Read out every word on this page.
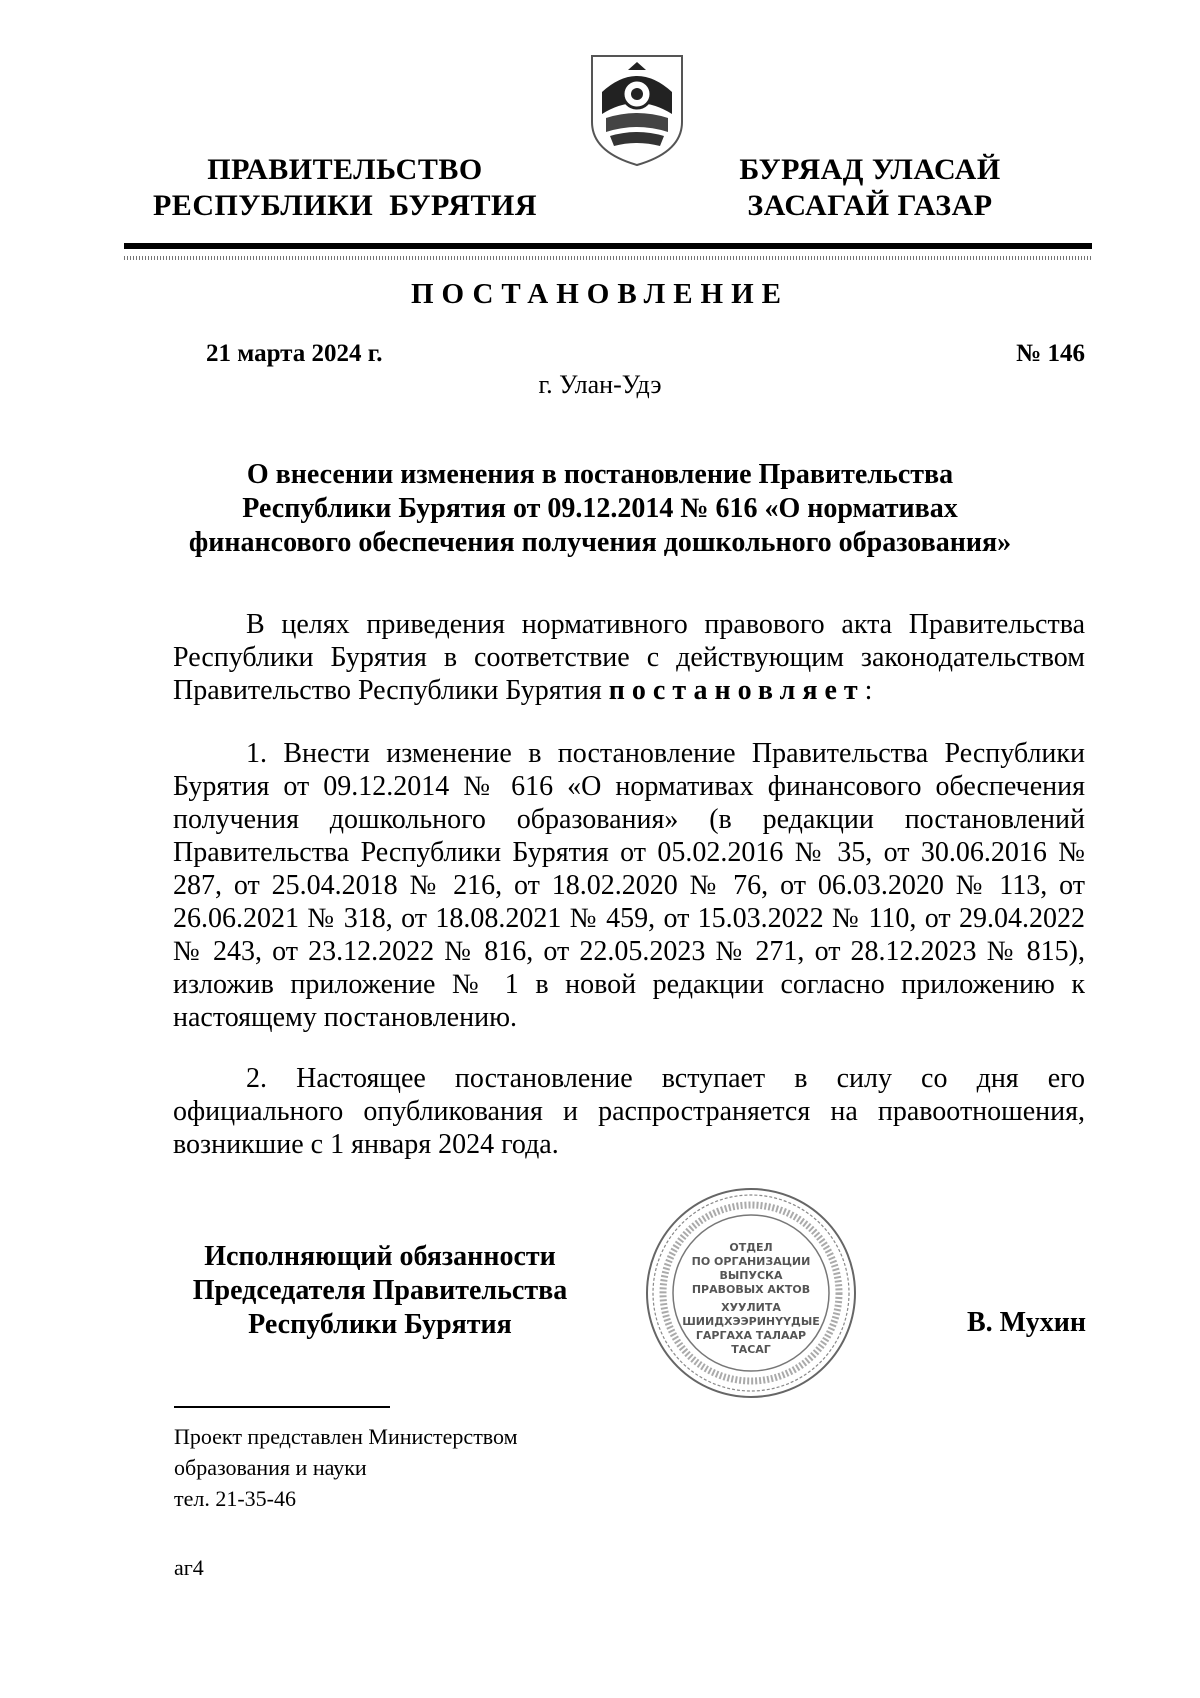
ПРАВИТЕЛЬСТВО
РЕСПУБЛИКИ  БУРЯТИЯ
БУРЯАД УЛАСАЙ
ЗАСАГАЙ ГАЗАР
ПОСТАНОВЛЕНИЕ
21 марта 2024 г.	№ 146
г. Улан-Удэ
О внесении изменения в постановление Правительства Республики Бурятия от 09.12.2014 № 616 «О нормативах финансового обеспечения получения дошкольного образования»
В целях приведения нормативного правового акта Правительства Республики Бурятия в соответствие с действующим законодательством Правительство Республики Бурятия постановляет:
1. Внести изменение в постановление Правительства Республики Бурятия от 09.12.2014 № 616 «О нормативах финансового обеспечения получения дошкольного образования» (в редакции постановлений Правительства Республики Бурятия от 05.02.2016 № 35, от 30.06.2016 № 287, от 25.04.2018 № 216, от 18.02.2020 № 76, от 06.03.2020 № 113, от 26.06.2021 № 318, от 18.08.2021 № 459, от 15.03.2022 № 110, от 29.04.2022 № 243, от 23.12.2022 № 816, от 22.05.2023 № 271, от 28.12.2023 № 815), изложив приложение № 1 в новой редакции согласно приложению к настоящему постановлению.
2. Настоящее постановление вступает в силу со дня его официального опубликования и распространяется на правоотношения, возникшие с 1 января 2024 года.
Исполняющий обязанности
Председателя Правительства
Республики Бурятия	В. Мухин
ОТДЕЛ
ПО ОРГАНИЗАЦИИ
ВЫПУСКА
ПРАВОВЫХ АКТОВ
ХУУЛИТА
ШИИДХЭЭРИНҮҮДЫЕ
ГАРГАХА ТАЛААР
ТАСАГ
Проект представлен Министерством
образования и науки
тел. 21-35-46
аг4
